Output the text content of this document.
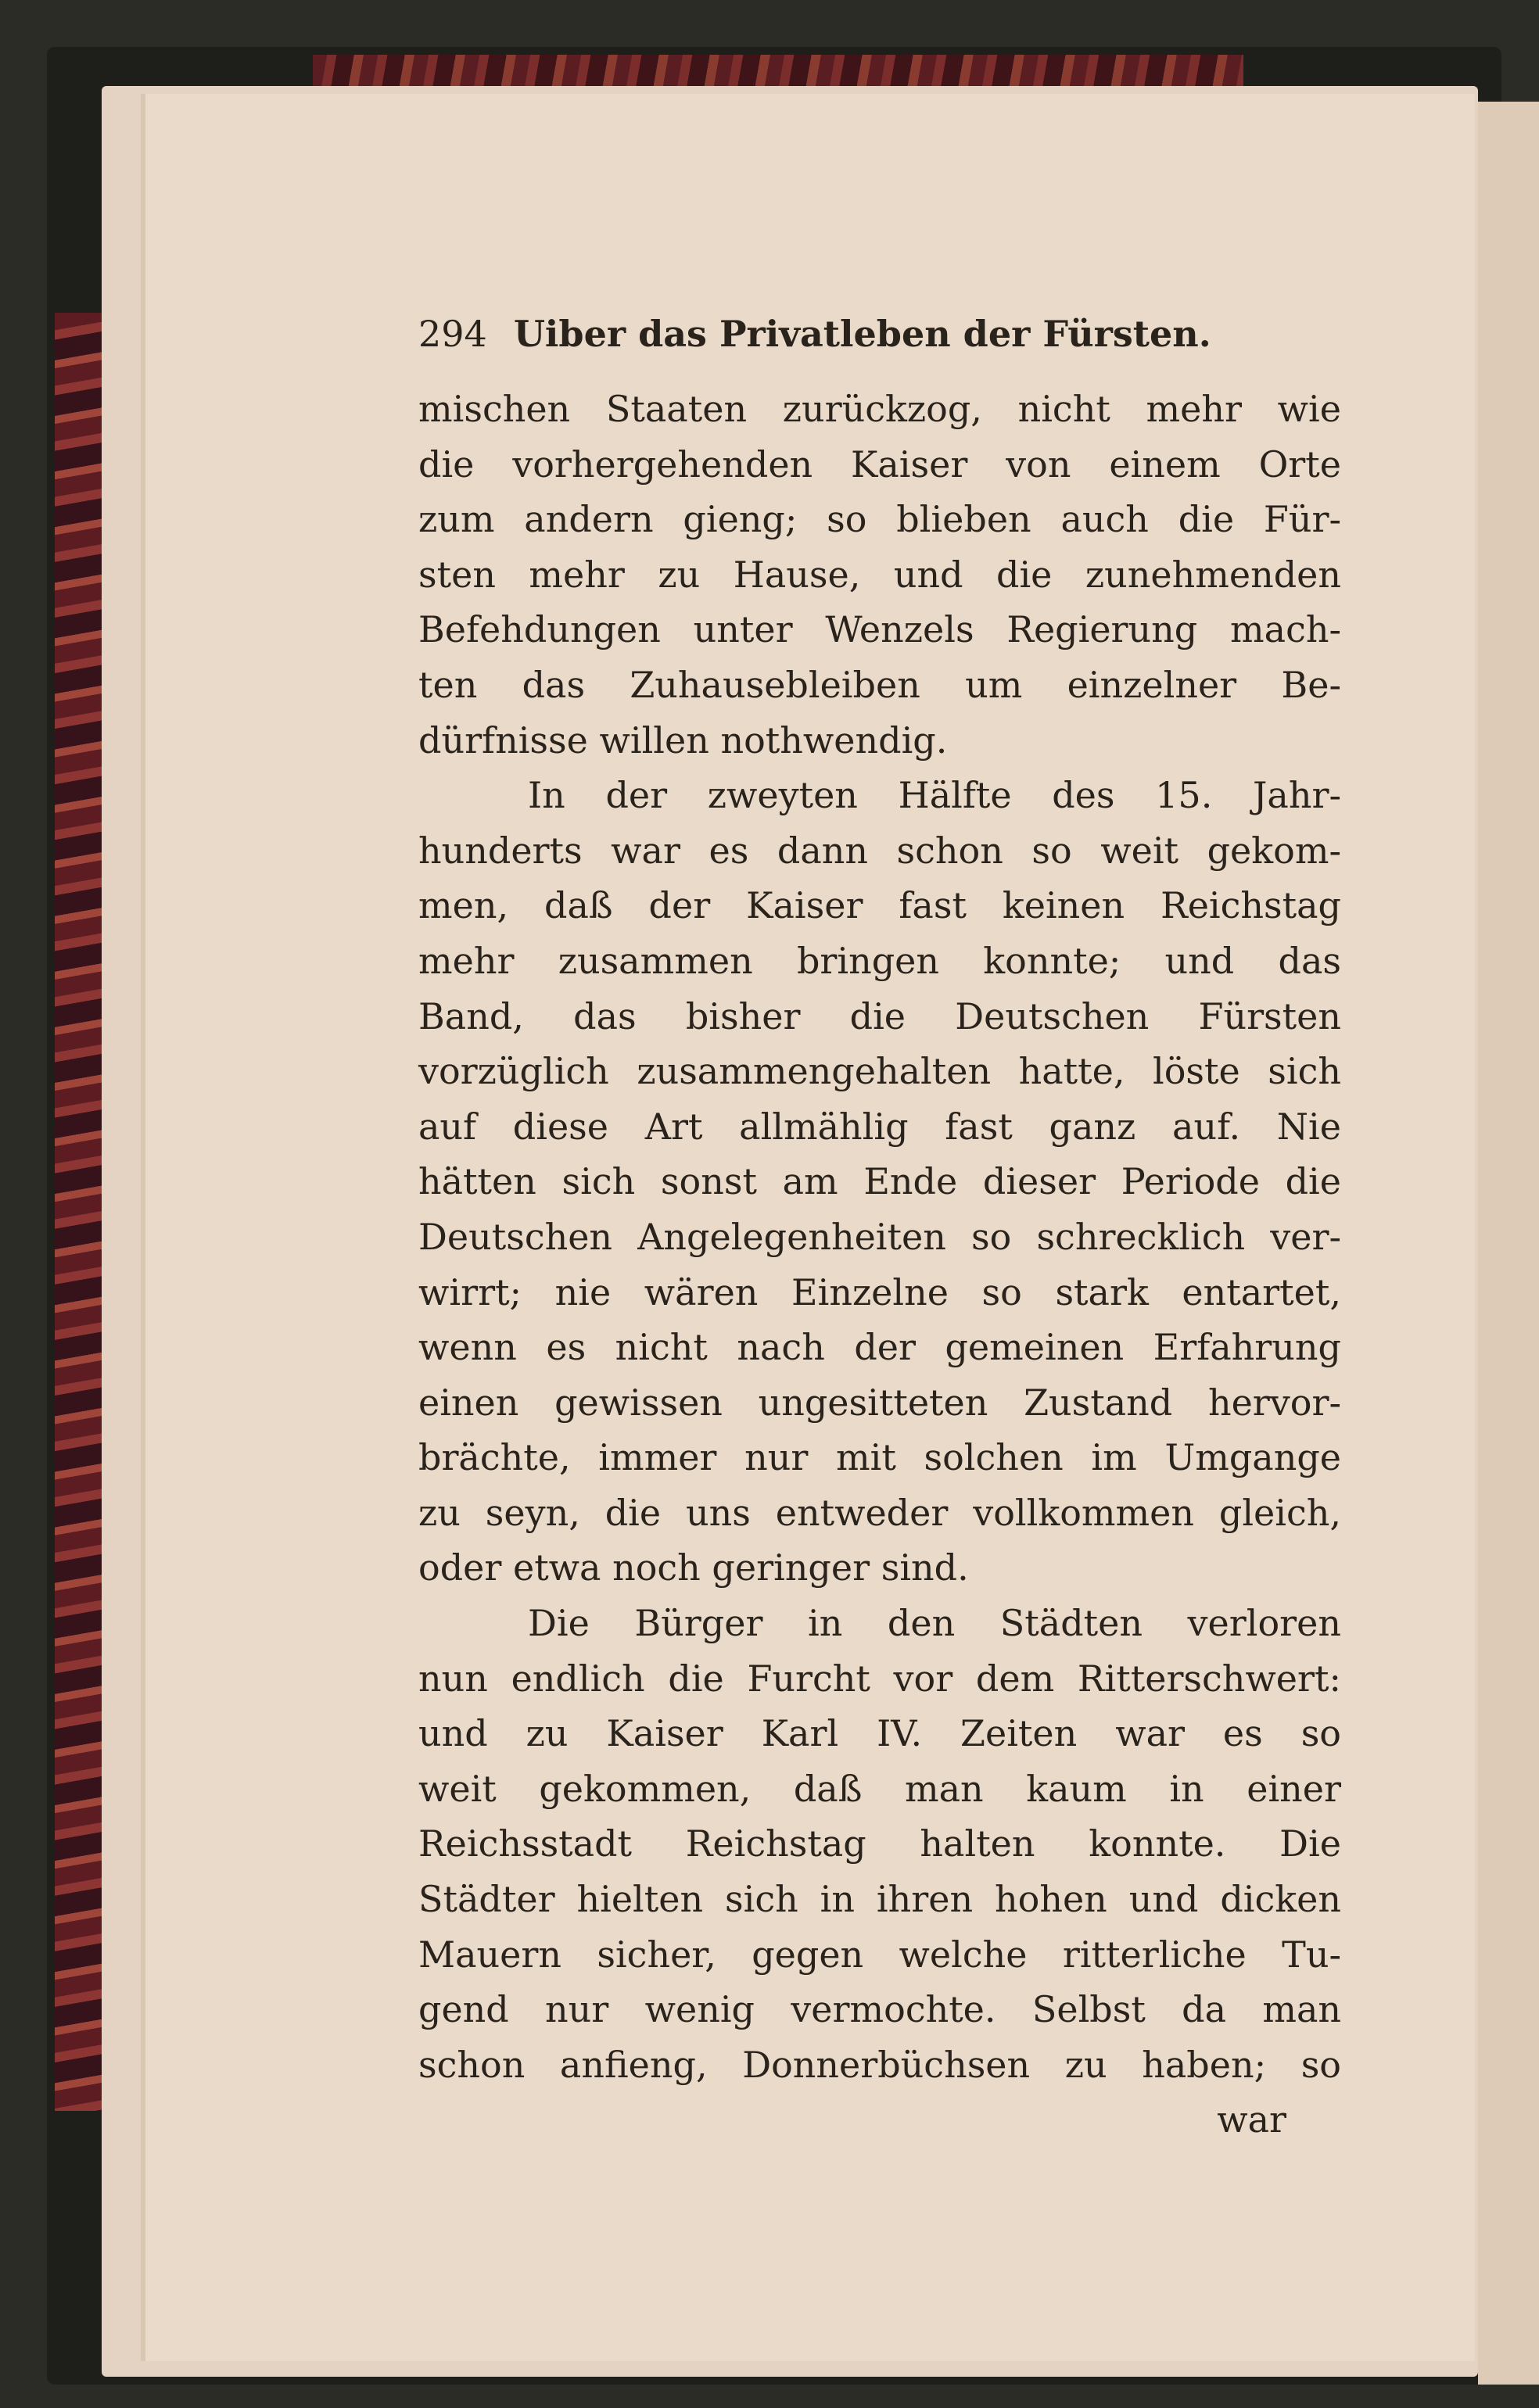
294 Uiber das Privatleben der Fürsten.
mischen Staaten zurückzog, nicht mehr wie
die vorhergehenden Kaiser von einem Orte
zum andern gieng; so blieben auch die Für-
sten mehr zu Hause, und die zunehmenden
Befehdungen unter Wenzels Regierung mach-
ten das Zuhausebleiben um einzelner Be-
dürfnisse willen nothwendig.
In der zweyten Hälfte des 15. Jahr-
hunderts war es dann schon so weit gekom-
men, daß der Kaiser fast keinen Reichstag
mehr zusammen bringen konnte; und das
Band, das bisher die Deutschen Fürsten
vorzüglich zusammengehalten hatte, löste sich
auf diese Art allmählig fast ganz auf. Nie
hätten sich sonst am Ende dieser Periode die
Deutschen Angelegenheiten so schrecklich ver-
wirrt; nie wären Einzelne so stark entartet,
wenn es nicht nach der gemeinen Erfahrung
einen gewissen ungesitteten Zustand hervor-
brächte, immer nur mit solchen im Umgange
zu seyn, die uns entweder vollkommen gleich,
oder etwa noch geringer sind.
Die Bürger in den Städten verloren
nun endlich die Furcht vor dem Ritterschwert:
und zu Kaiser Karl IV. Zeiten war es so
weit gekommen, daß man kaum in einer
Reichsstadt Reichstag halten konnte. Die
Städter hielten sich in ihren hohen und dicken
Mauern sicher, gegen welche ritterliche Tu-
gend nur wenig vermochte. Selbst da man
schon anfieng, Donnerbüchsen zu haben; so
war
